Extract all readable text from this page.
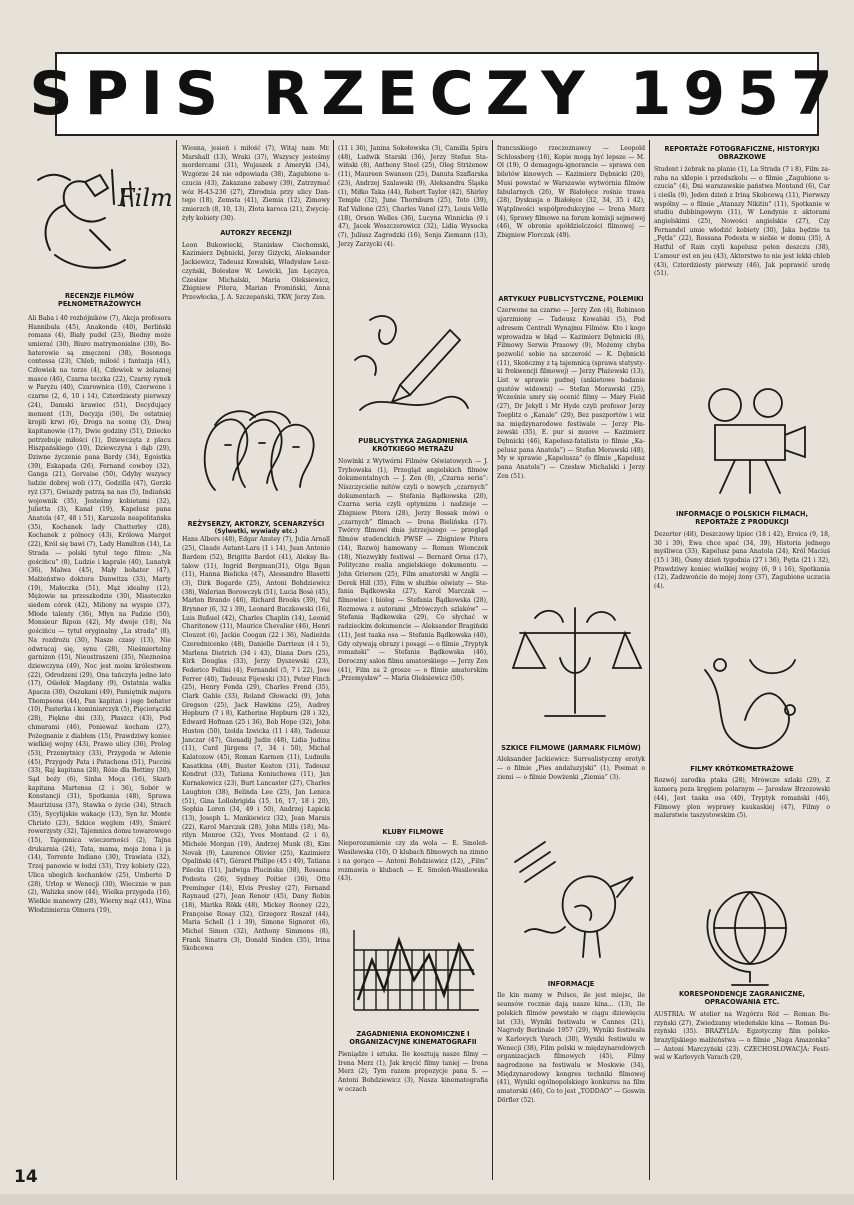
SPIS RZECZY 1957
Film

RECENZJE FILMÓW PEŁNOMETRAŻOWYCH

Ali Baba i 40 rozbójników (7), Akcja profesora Hannibala (45), Anakonda (40), Berliński romans (4), Biały pudel (23), Biedny może umierać (30), Biuro matrymonialne (30), Bohaterowie są zmęczeni (38), Bosonoga contessa (23), Chleb, miłość i fantazja (41), Człowiek na torze (4), Człowiek w żelaznej masce (46), Czarna teczka (22), Czarny rynek w Paryżu (40), Czarownica (10), Czerwone i czarne (2, 6, 10 i 14), Czterdziesty pierwszy (24), Damski krawiec (51), Decydujący moment (13), Decyzja (50), Do ostatniej kropli krwi (6), Droga na scenę (3), Dwaj kapitanowie (17), Dwie godziny (51), Dziecko potrzebuje miłości (1), Dziewczęta z placu Hiszpańskiego (10), Dziewczyna i dąb (29), Dziwne życzenie pana Bardy (34), Egoistka (39), Eskapada (26), Fernand cowboy (32), Ganga (21), Gervaise (50), Gdyby wszyscy ludzie dobrej woli (17), Godzilla (47), Gorzki ryż (37), Gwiazdy patrzą na nas (5), Indiański wojownik (35), Jesteśmy kobietami (32), Julietta (3), Kanał (19), Kapelusz pana Anatola (47, 48 i 51), Karuzela neapolitańska (35), Kochanek lady Chatterley (28), Kochanek z pólnocy (43), Królowa Margot (22), Król się bawi (7), Lady Hamilton (14), La Strada — polski tytuł tego filmu: „Na gościńcu” (8), Ludzie i kaprale (40), Lunatyk (36), Malwa (45), Mały bohater (47), Małżeństwo doktora Danwitza (33), Marty (19), Małeczka (51), Mąż idealny (12), Mężowie na przeszkodzie (30), Miasteczko siedem córek (42), Miliony na wyspie (37), Młode talenty (36), Młyn na Padzie (50), Monsieur Ripois (42), My dwoje (18), Na gościńcu — tytuł oryginalny „La strada” (8), Na rozdrożu (30), Nasze czasy (13), Nie odwracaj się, synu (28), Nieśmiertelny garnizon (15), Nieustraszeni (35), Nieznośna dziewczyna (49), Noc jest moim królestwem (22), Odrodzeni (29), Ona tańczyła jedno lato (17), Ośiołek Magdany (9), Ostatnia walka Apacza (30), Oszukani (49), Pamiętnik majora Thompsona (44), Pan kapitan i jego bohater (10), Pasterka i kominiarczyk (5), Pięciorączki (28), Piękne dni (33), Płaszcz (43), Pod chmurami (46), Poniewaź kocham (27), Pożegnanie z diabłem (15), Prawdziwy koniec wielkiej wojny (43), Prawo ulicy (36), Prolog (53), Przemytnicy (33), Przygoda w Adenie (45), Przygody Pata i Patachona (51), Puccini (33), Raj kapitana (28), Róże dla Bettiny (30), Sąd boży (6), Sinha Moça (16), Skarb kapitana Martensa (2 i 36), Sobór w Konstancji (31), Spotkania (48), Sprawa Mauriziusa (37), Stawka o życie (34), Strach (35), Sycylijskie wakacje (13), Syn hr. Monte Christo (23), Szkice węglem (49), Śmierć rowerzysty (32), Tajemnica domu towarowego (15), Tajemnica wieczorności (2), Tajna drukarnia (24), Tata, mama, moja żona i ja (14), Torrente Indiano (30), Trawiata (32), Trzej panowie w łodzi (33), Trzy kobiety (22), Ulica ubogich kochanków (25), Umberto D (28), Urlop w Wenecji (30), Wiecznie w pan (2), Walizka snów (44), Wielka przygoda (16), Wielkie manewry (28), Wierny mąż (41), Wina Włodzimierza Olmera (19),

Wiosna, jesień i miłość (7), Witaj nam Mr. Marshall (13), Wraki (37), Wszyscy jesteśmy mordercami (31), Wujaszek z Ameryki (34), Wzgórze 24 nie odpowiada (38), Zagubione uczucia (43), Zakazane zabawy (39), Zatrzymać wóz H-43-236 (27), Zbrodnia przy ulicy Dantego (18), Zemsta (41), Ziemia (12), Zimowy zmierzch (8, 10, 13), Złota karoca (21), Zwyciężyły kobiety (30).

AUTORZY RECENZJI

Leon Bukowiecki, Stanisław Ciechomski, Kazimierz Dębnicki, Jerzy Giżycki, Aleksander Jackiewicz, Tadeusz Kowalski, Władysław Leszczyński, Bolesław W. Lewicki, Jan Łęczyca, Czesław Michalski, Maria Oleksiewicz, Zbigniew Pitera, Marian Promiński, Anna Przewłocka, J. A. Szczepański, TKW, Jerzy Zen.

REŻYSERZY, AKTORZY, SCENARZYŚCI

(Sylwetki, wywiady etc.)

Hans Albers (48), Edgar Anstey (7), Julia Arnall (25), Claude Autant-Lara (1 i 14), Juan Antonio Bardem (52), Brigitte Bardot (41), Aleksy Batalow (11), Ingrid Bergman(31), Olga Bgan (11), Hanna Bielicka (47), Alessandro Blasetti (3), Dirk Bogarde (25), Antoni Bohdziewicz (38), Walerian Borowczyk (51), Lucia Bosè (45), Marlon Brando (46), Richard Brooks (39), Yul Brynner (6, 32 i 39), Leonard Buczkowski (16), Luis Buñuel (42), Charles Chaplin (14), Leonid Charitonow (11), Maurice Chevalier (46), Henri Clouzot (6), Jackie Coogan (22 i 36), Nadieżda Czerednicenko (48), Danielle Darrieux (4 i 5), Marlena Dietrich (34 i 43), Diana Dors (25), Kirk Douglas (33), Jerzy Dyszewski (23), Federico Fellini (4), Fernandel (5, 7 i 22), Jose Ferrer (40), Tadeusz Fijewski (31), Peter Finch (25), Henry Fonda (29), Charles Frend (35), Clark Gable (33), Roland Głowacki (9), John Gregson (25), Jack Hawkins (25), Audrey Hepburn (7 i 8), Katherine Hepburn (28 i 32), Edward Hofman (25 i 36), Bob Hope (32), John Huston (50), Izolda Izwicka (11 i 48), Tadeusz Janczar (47), Gienadij Judin (48), Lidia Judina (11), Curd Jürgens (7, 34 i 50), Michał Kalatozow (45), Roman Karmen (11), Ludmiła Kasatkina (48), Buster Keaton (31), Tadeusz Kondrat (33), Tatiana Koniuchowa (11), Jan Kurnakowicz (23), Burt Lancaster (27), Charles Laughton (38), Belinda Lee (25), Jan Lenica (51), Gina Lollobrigida (15, 16, 17, 18 i 20), Sophia Loren (34, 49 i 50), Andrzej Łapicki (13), Joseph L. Mankiewicz (32), Jean Marais (22), Karol Marczak (28), John Mills (18), Marilyn Monroe (32), Yves Montand (2 i 6), Michele Morgan (19), Andrzej Munk (8), Kim Novak (9), Laurence Olivier (25), Kazimierz Opaliński (47), Gérard Philipe (45 i 49), Tatiana Pilecka (11), Jadwiga Plucińska (38), Rossana Podesta (26), Sydney Poitier (36), Otto Preminger (14), Elvis Presley (27), Fernand Raynaud (27), Jean Renoir (45), Dany Robin (18), Marika Rökk (48), Mickey Rooney (22), Françoise Rosay (32), Grzegorz Roszał (44), Maria Schell (1 i 39), Simone Signoret (6), Michel Simon (32), Anthony Simmons (8), Frank Sinatra (3), Donald Sinden (35), Irina Skobcewa

(11 i 36), Janina Sokołowska (3), Camilla Spira (48), Ludwik Starski (36), Jerzy Stefan Stawiński (8), Anthony Steel (25), Oleg Striżenow (11), Maureen Swanson (25), Danuta Szaflarska (23), Andrzej Szalawski (9), Aleksandra Śląska (1), Miłko Taka (44), Robert Taylor (42), Shirley Temple (32), June Thornburn (25), Toto (39), Raf Vallone (25), Charles Vanel (27), Louis Velle (18), Orson Welles (36), Lucyna Winnicka (9 i 47), Jacek Woszczerowicz (32), Lidia Wysocka (7), Juliusz Zagrodzki (16), Sonja Ziemann (13), Jerzy Zarzycki (4).

PUBLICYSTYKA ZAGADNIENIA KRÓTKIEGO METRAŻU

Nowinki z Wytwórni Filmów Oświatowych — J. Trybowska (1), Przegląd angielskich filmów dokumentalnych — J. Zen (8), „Czarna seria”: Niszczycielie mitów czyli o nowych „czarnych” dokumentach — Stefania Bądkowska (20), Czarna seria czyli optymizm i nadzieje — Zbigniew Pitera (28), Jerzy Bossak mówi o „czarnych” filmach — Irena Bielińska (17). Twórcy filmowi dnia jutrzejszego — przegląd filmów studenckich PWSF — Zbigniew Pitera (14), Rozwój hamowany — Roman Wionczek (18), Niezwykły festiwal — Bernard Orna (17), Polityczne realia angielskiego dokumentu — John Grierson (25), Film amatorski w Anglii — Derek Hill (35), Film w służbie oświaty — Stefania Bądkowska (27), Karol Marczak — filmowiec i biolog — Stefania Bądkowska (28), Rozmowa z autorami „Mrówczych szlaków” — Stefania Bądkowska (29), Co słychać w radzieckim dokumencie — Aleksander Bragiński (11), Jest taaka osa — Stefania Bądkowska (40), Gdy ożywają obrazy i posągi — o filmie „Tryptyk romański” — Stefania Bądkowska (46), Doroczny salon filmu amatorskiego — Jerzy Zen (41), Film za 2 grosze — o filmie amatorskim „Przemysław” — Maria Oleksiewicz (50).

KLUBY FILMOWE

Nieporozumienie czy zła wola — E. Smoleń-Wasilewska (10), O klubach filmowych na zimno i na gorąco — Antoni Bohdziewicz (12), „Film” rozmawia o klubach — E. Smoleń-Wasilewska (43).

ZAGADNIENIA EKONOMICZNE I ORGANIZACYJNE KINEMATOGRAFII

Pieniądze i sztuka. Ile kosztują nasze filmy — Irena Merz (1), Jak kręcić filmy taniej — Irena Merz (2), Tym razem propozycje pana S. — Antoni Bohdziewicz (3), Nasza kinematografia w oczach

francuskiego rzeczoznawcy — Leopold Schlossberg (16), Kopie mogą być lepsze — M. Ol (19), O demagogu-ignorancie — sprawa cen biletów kinowych — Kazimierz Dębnicki (20), Musi powstać w Warszawie wytwórnia filmów fabularnych (26), W Białołęce rośnie trawa (28), Dyskusja o Białołęce (32, 34, 35 i 42), Wątpliwości współprodukcyjne — Irena Merz (4), Sprawy filmowe na forum komisji sejmowej (46), W obronie spółdzielczości filmowej — Zbigniew Florczak (49).

ARTYKUŁY PUBLICYSTYCZNE, POLEMIKI

Czerwone na czarno — Jerzy Zen (4), Robinson ujarzmiony — Tadeusz Kowalski (5), Pod adresem Centrali Wynajmu Filmów. Kto i kogo wprowadza w błąd — Kazimierz Dębnicki (8), Filmowy Serwis Prasowy (9), Możemy chyba pozwolić sobie na szczerość — K. Dębnicki (11), Skończmy z tą tajemnicą (sprawa statystyki frekwencji filmowej) — Jerzy Płażewski (13), List w sprawie pudnej (ankietowe badanie gustów widowni) — Stefan Morawski (25), Wcześnie umry się ocenić filmy — Mary Field (27), Dr Jekyll i Mr Hyde czyli profesor Jerzy Toeplitz o „Kanale” (29), Bez paszportów i wiz na międzynarodowe festiwale — Jerzy Płażewski (35), E. pur si muove — Kazimierz Dębnicki (46), Kapelusz-fatalista (o filmie „Kapelusz pana Anatola”) — Stefan Morawski (48), My w sprawie „Kapelusza” (o filmie „Kapelusz pana Anatola”) — Czesław Michalski i Jerzy Zen (51).

SZKICE FILMOWE (JARMARK FILMÓW)

Aleksander Jackiewicz: Surrealistyczny erotyk — o filmie „Pies andaluzyjski” (1), Poemat o ziemi — o filmie Dowżenki „Ziemia” (3).

INFORMACJE

Ile kin mamy w Polsce, ile jest miejsc, ile seansów rocznie dają nasze kina... (13), Ile polskich filmów powstało w ciągu dziewięciu lat (33), Wyniki festiwalu w Cannes (21), Nagrody Berlinale 1957 (29), Wyniki festiwalu w Karlovych Varach (30), Wyniki festiwalu w Wenecji (38), Film polski w międzynarodowych organizacjach filmowych (45), Filmy nagrodzone na festiwalu w Moskwie (34), Międzynarodowy kongres techniki filmowej (41), Wyniki ogólnopolskiego konkursu na film amatorski (46), Co to jest „TODDAO” — Goswin Dörfler (52).

REPORTAŻE FOTOGRAFICZNE, HISTORYJKI OBRAZKOWE

Student i żebrak na planie (1), La Strada (7 i 8), Film zaraba na sklepie i przedszkolu — o filmie „Zagubione uczucia” (4), Dni warszawskie państwa Montand (6), Car i cieślа (9), Jeden dzień z Iriną Skobcewą (11), Pierwszy wspólny — o filmie „Atanazy Nikitin” (11), Spotkanie w studiu dubbingowym (11), W Londynie z aktorami angielskimi (25), Nowości angielskie (27), Czy Fernandel umie włodzić kobiety (30), Jaka będzie ta „Pętla” (22), Rossana Podesta w siebie w domu (35), A Hatful of Rain czyli kapelusz pełen deszczu (38), L'amour est en jeu (43), Aktorstwo to nie jest lekki chleb (43), Czterdziesty pierwszy (46), Jak poprawić urodę (51).

INFORMACJE O POLSKICH FILMACH, REPORTAŻE Z PRODUKCJI

Dezerter (48), Deszczowy lipiec (18 i 42), Eroica (9, 18, 30 i 39), Ewa chce spać (34, 39), Historia jednego myśliwca (33), Kapelusz pana Anatola (24), Król Maciuś (15 i 38), Ósmy dzień tygodnia (27 i 36), Pętla (21 i 32), Prawdziwy koniec wielkiej wojny (6, 9 i 16), Spotkania (12), Zadzwońcie do mojej żony (37), Zagubione uczucia (4).

FILMY KRÓTKOMETRAŻOWE

Rozwój zarodka ptaka (28), Mrówcze szlaki (29), Z kamerą poza kręgiem polarnym — Jarosław Brzozowski (44), Jest taaka osa (40), Tryptyk romański (46), Filmowy plon wyprawy kaukaskiej (47), Filmy o malarstwie taszystowskim (5).

KORESPONDENCJE ZAGRANICZNE, OPRACOWANIA ETC.

AUSTRIA: W atelier na Wzgórzu Róż — Roman Burzyński (27), Zwiedzamy wiedeńskie kina — Roman Burzyński (35). BRAZYLIA: Egzotyczny film polsko-brazylijskiego małżeństwa — o filmie „Naga Amazonka” — Antoni Marczyński (23). CZECHOSŁOWACJA: Festiwal w Karlovych Varach (29,

14
